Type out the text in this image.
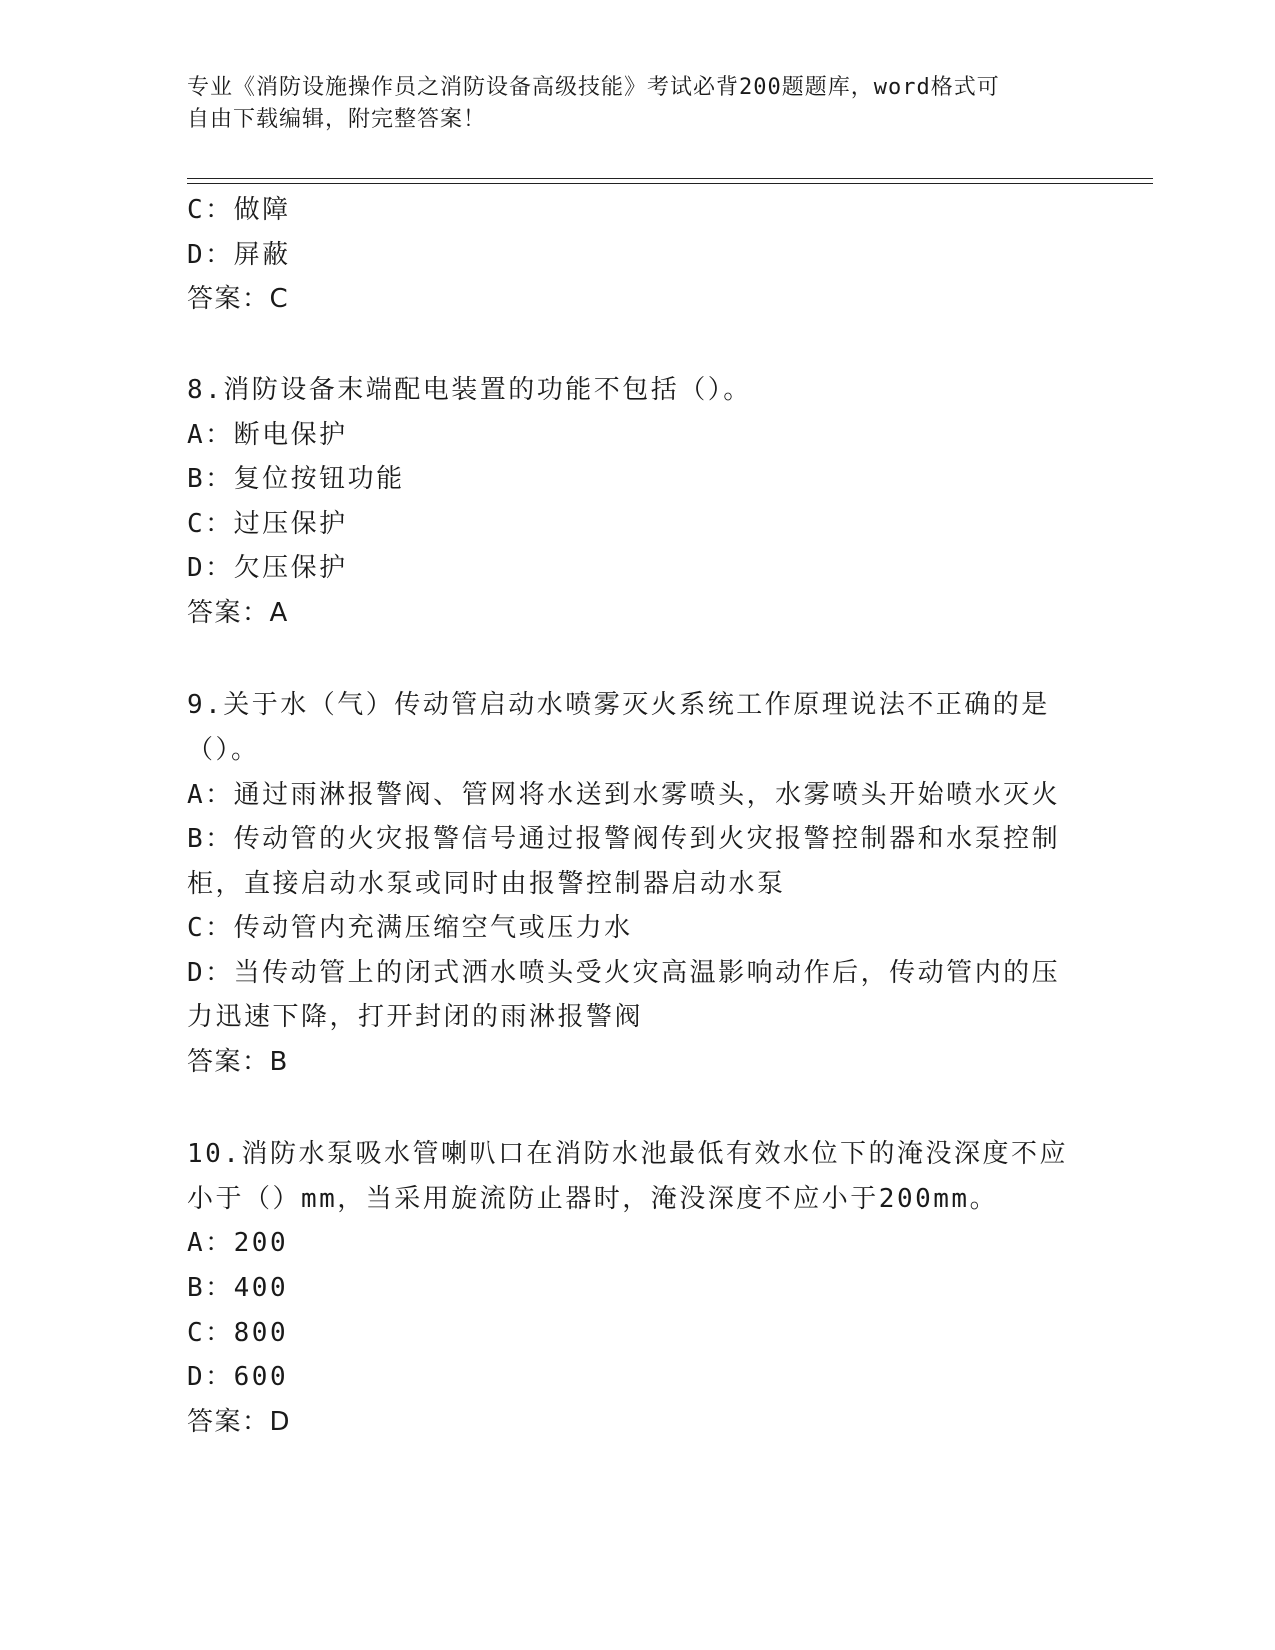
专业《消防设施操作员之消防设备高级技能》考试必背200题题库，word格式可
自由下载编辑，附完整答案！
C：做障
D：屏蔽
答案：C
8.消防设备末端配电装置的功能不包括（）。
A：断电保护
B：复位按钮功能
C：过压保护
D：欠压保护
答案：A
9.关于水（气）传动管启动水喷雾灭火系统工作原理说法不正确的是
（）。
A：通过雨淋报警阀、管网将水送到水雾喷头，水雾喷头开始喷水灭火
B：传动管的火灾报警信号通过报警阀传到火灾报警控制器和水泵控制
柜，直接启动水泵或同时由报警控制器启动水泵
C：传动管内充满压缩空气或压力水
D：当传动管上的闭式洒水喷头受火灾高温影响动作后，传动管内的压
力迅速下降，打开封闭的雨淋报警阀
答案：B
10.消防水泵吸水管喇叭口在消防水池最低有效水位下的淹没深度不应
小于（）mm，当采用旋流防止器时，淹没深度不应小于200mm。
A：200
B：400
C：800
D：600
答案：D
